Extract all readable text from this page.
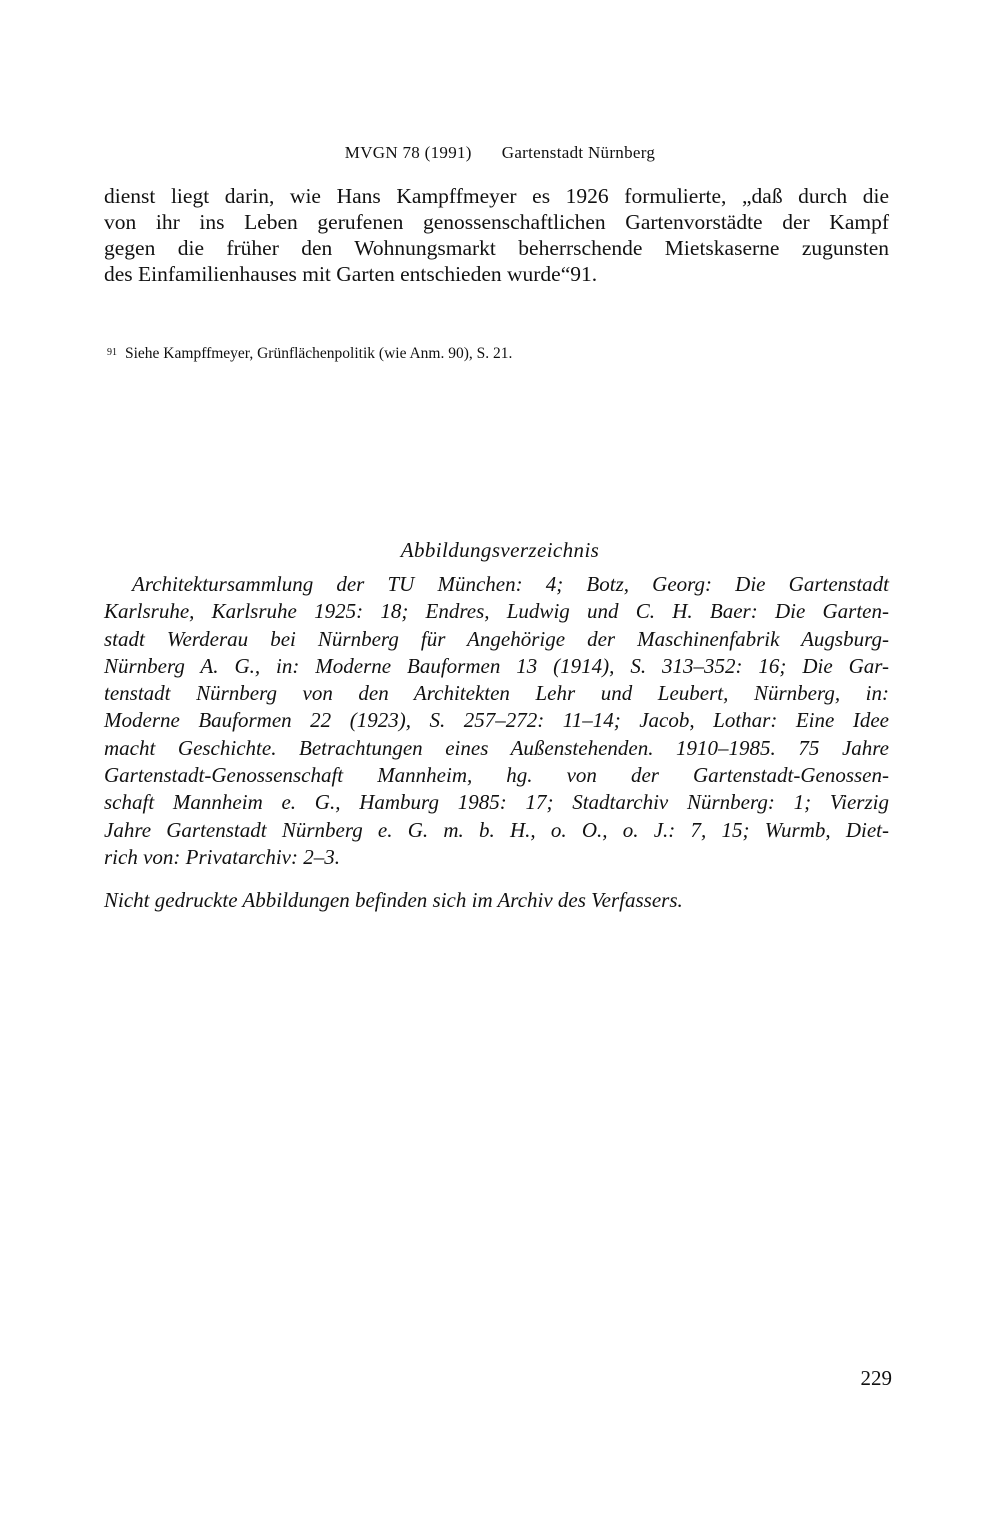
MVGN 78 (1991) Gartenstadt Nürnberg
dienst liegt darin, wie Hans Kampffmeyer es 1926 formulierte, „daß durch die
von ihr ins Leben gerufenen genossenschaftlichen Gartenvorstädte der Kampf
gegen die früher den Wohnungsmarkt beherrschende Mietskaserne zugunsten
des Einfamilienhauses mit Garten entschieden wurde“91.
91 Siehe Kampffmeyer, Grünflächenpolitik (wie Anm. 90), S. 21.
Abbildungsverzeichnis
Architektursammlung der TU München: 4; Botz, Georg: Die Gartenstadt
Karlsruhe, Karlsruhe 1925: 18; Endres, Ludwig und C. H. Baer: Die Garten-
stadt Werderau bei Nürnberg für Angehörige der Maschinenfabrik Augsburg-
Nürnberg A. G., in: Moderne Bauformen 13 (1914), S. 313–352: 16; Die Gar-
tenstadt Nürnberg von den Architekten Lehr und Leubert, Nürnberg, in:
Moderne Bauformen 22 (1923), S. 257–272: 11–14; Jacob, Lothar: Eine Idee
macht Geschichte. Betrachtungen eines Außenstehenden. 1910–1985. 75 Jahre
Gartenstadt-Genossenschaft Mannheim, hg. von der Gartenstadt-Genossen-
schaft Mannheim e. G., Hamburg 1985: 17; Stadtarchiv Nürnberg: 1; Vierzig
Jahre Gartenstadt Nürnberg e. G. m. b. H., o. O., o. J.: 7, 15; Wurmb, Diet-
rich von: Privatarchiv: 2–3.
Nicht gedruckte Abbildungen befinden sich im Archiv des Verfassers.
229
